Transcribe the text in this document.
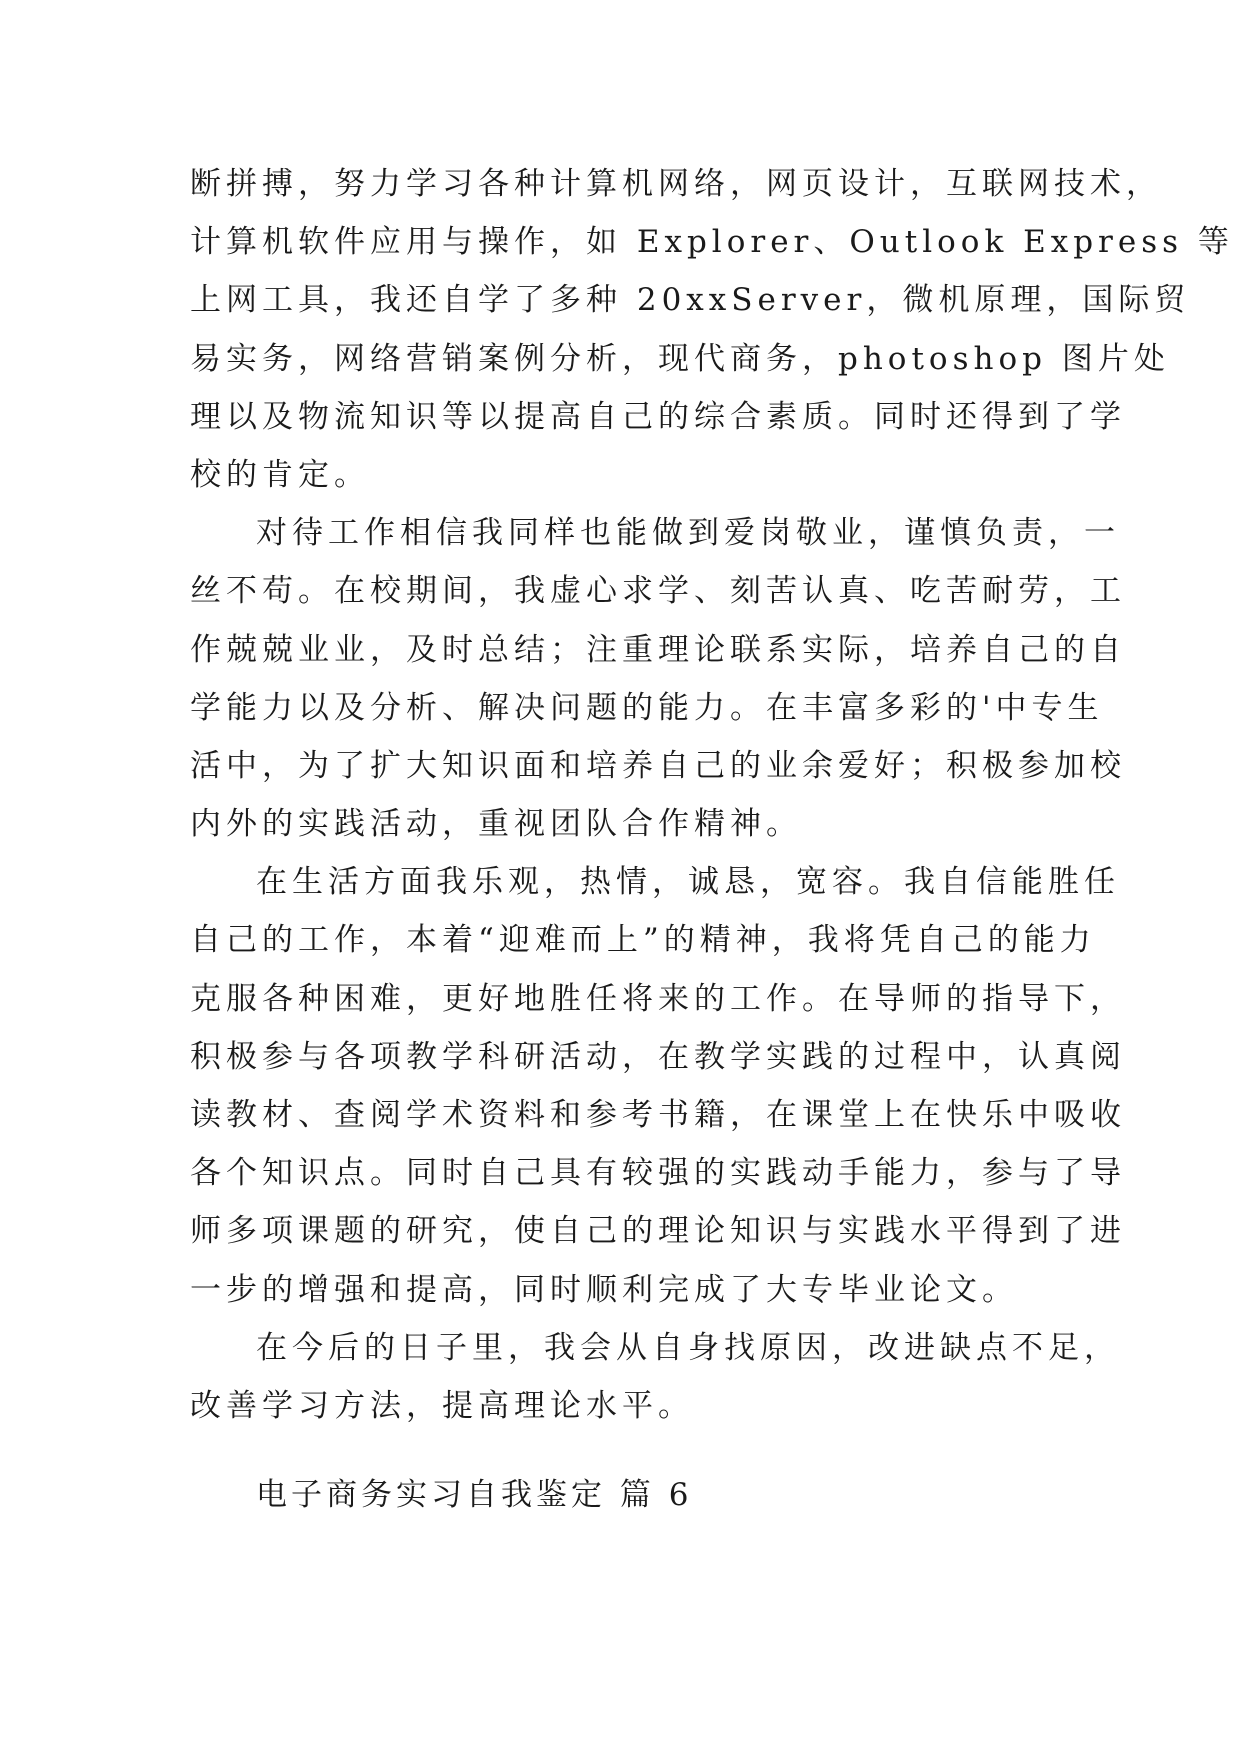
断拼搏，努力学习各种计算机网络，网页设计，互联网技术，
计算机软件应用与操作，如 Explorer、Outlook Express 等
上网工具，我还自学了多种 20xxServer，微机原理，国际贸
易实务，网络营销案例分析，现代商务，photoshop 图片处
理以及物流知识等以提高自己的综合素质。同时还得到了学
校的肯定。
对待工作相信我同样也能做到爱岗敬业，谨慎负责，一
丝不苟。在校期间，我虚心求学、刻苦认真、吃苦耐劳，工
作兢兢业业，及时总结；注重理论联系实际，培养自己的自
学能力以及分析、解决问题的能力。在丰富多彩的'中专生
活中，为了扩大知识面和培养自己的业余爱好；积极参加校
内外的实践活动，重视团队合作精神。
在生活方面我乐观，热情，诚恳，宽容。我自信能胜任
自己的工作，本着“迎难而上”的精神，我将凭自己的能力
克服各种困难，更好地胜任将来的工作。在导师的指导下，
积极参与各项教学科研活动，在教学实践的过程中，认真阅
读教材、查阅学术资料和参考书籍，在课堂上在快乐中吸收
各个知识点。同时自己具有较强的实践动手能力，参与了导
师多项课题的研究，使自己的理论知识与实践水平得到了进
一步的增强和提高，同时顺利完成了大专毕业论文。
在今后的日子里，我会从自身找原因，改进缺点不足，
改善学习方法，提高理论水平。
电子商务实习自我鉴定 篇 6
